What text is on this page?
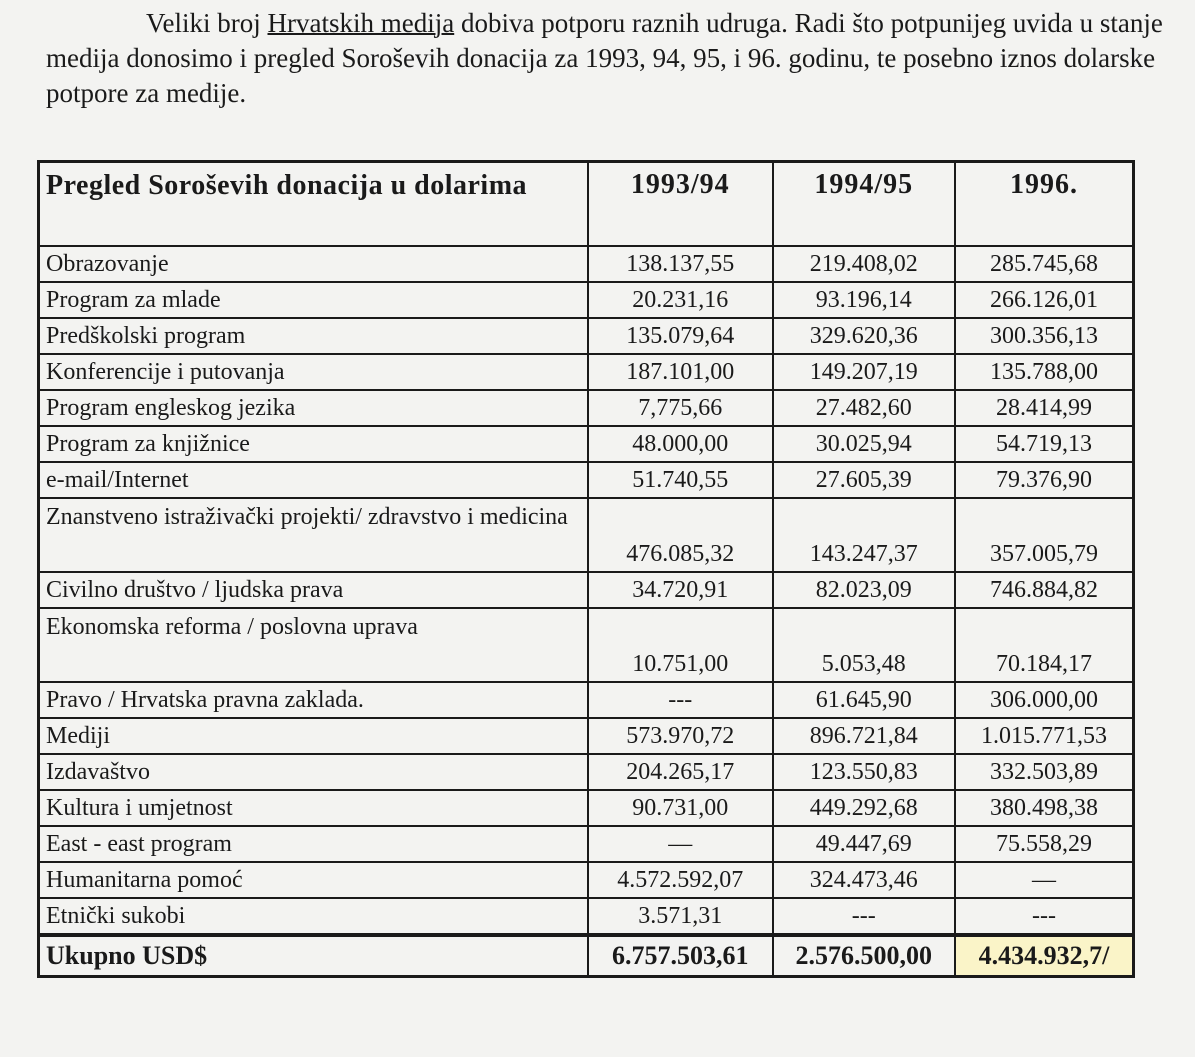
Veliki broj Hrvatskih medija dobiva potporu raznih udruga. Radi što potpunijeg uvida u stanje medija donosimo i pregled Soroševih donacija za 1993, 94, 95, i 96. godinu, te posebno iznos dolarske potpore za medije.

Pregled Soroševih donacija u dolarima	1993/94	1994/95	1996.
Obrazovanje	138.137,55	219.408,02	285.745,68
Program za mlade	20.231,16	93.196,14	266.126,01
Predškolski program	135.079,64	329.620,36	300.356,13
Konferencije i putovanja	187.101,00	149.207,19	135.788,00
Program engleskog jezika	7,775,66	27.482,60	28.414,99
Program za knjižnice	48.000,00	30.025,94	54.719,13
e-mail/Internet	51.740,55	27.605,39	79.376,90
Znanstveno istraživački projekti/ zdravstvo i medicina	476.085,32	143.247,37	357.005,79
Civilno društvo / ljudska prava	34.720,91	82.023,09	746.884,82
Ekonomska reforma / poslovna uprava	10.751,00	5.053,48	70.184,17
Pravo / Hrvatska pravna zaklada.	---	61.645,90	306.000,00
Mediji	573.970,72	896.721,84	1.015.771,53
Izdavaštvo	204.265,17	123.550,83	332.503,89
Kultura i umjetnost	90.731,00	449.292,68	380.498,38
East - east program	—	49.447,69	75.558,29
Humanitarna pomoć	4.572.592,07	324.473,46	—
Etnički sukobi	3.571,31	---	---
Ukupno USD$	6.757.503,61	2.576.500,00	4.434.932,7/
